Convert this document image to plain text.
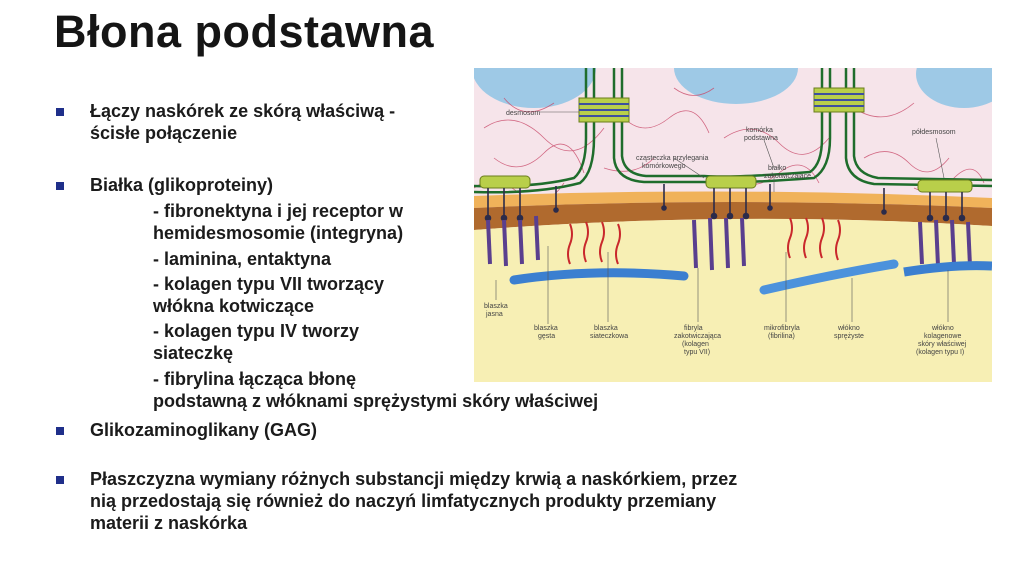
Błona podstawna
Łączy naskórek ze skórą właściwą -
ścisłe połączenie
Białka (glikoproteiny)
- fibronektyna i jej receptor w
hemidesmosomie (integryna)
- laminina, entaktyna
- kolagen typu VII tworzący
włókna kotwiczące
- kolagen typu IV tworzy
siateczkę
- fibrylina łącząca błonę
podstawną z włóknami sprężystymi skóry właściwej
Glikozaminoglikany (GAG)
Płaszczyzna wymiany różnych substancji między krwią a naskórkiem, przez
nią przedostają się również do naczyń limfatycznych produkty przemiany
materii z naskórka
desmosom
komórka
podstawna
cząsteczka przylegania
komórkowego	białko
zakotwiczające
półdesmosom
blaszka
jasna
blaszka
gęsta
blaszka
siateczkowa
fibryla
zakotwiczająca
(kolagen
typu VII)
mikrofibryla
(fibrilina)
włókno
sprężyste
włókno
kolagenowe
skóry właściwej
(kolagen typu I)
